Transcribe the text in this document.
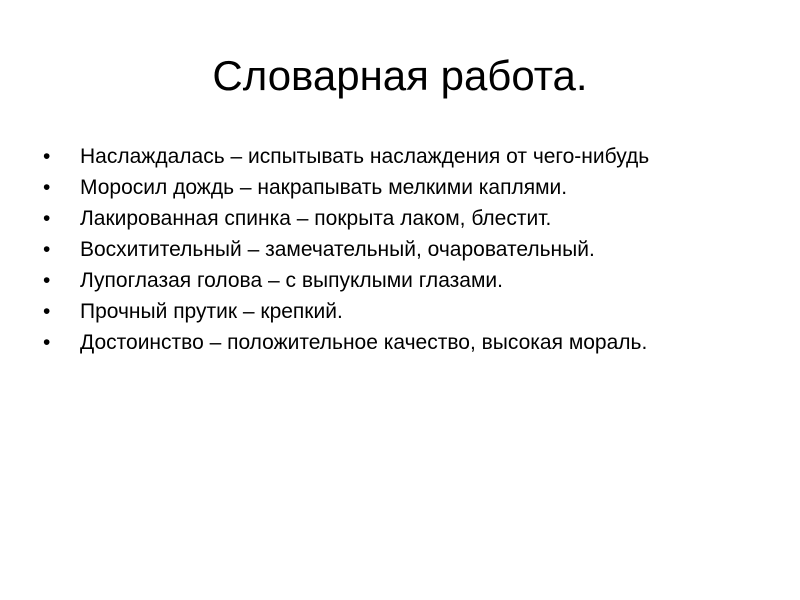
Словарная работа.
•	Наслаждалась – испытывать наслаждения от чего-нибудь
•	Моросил дождь – накрапывать мелкими каплями.
•	Лакированная спинка – покрыта лаком, блестит.
•	Восхитительный – замечательный, очаровательный.
•	Лупоглазая голова – с выпуклыми глазами.
•	Прочный прутик – крепкий.
•	Достоинство – положительное качество, высокая мораль.
